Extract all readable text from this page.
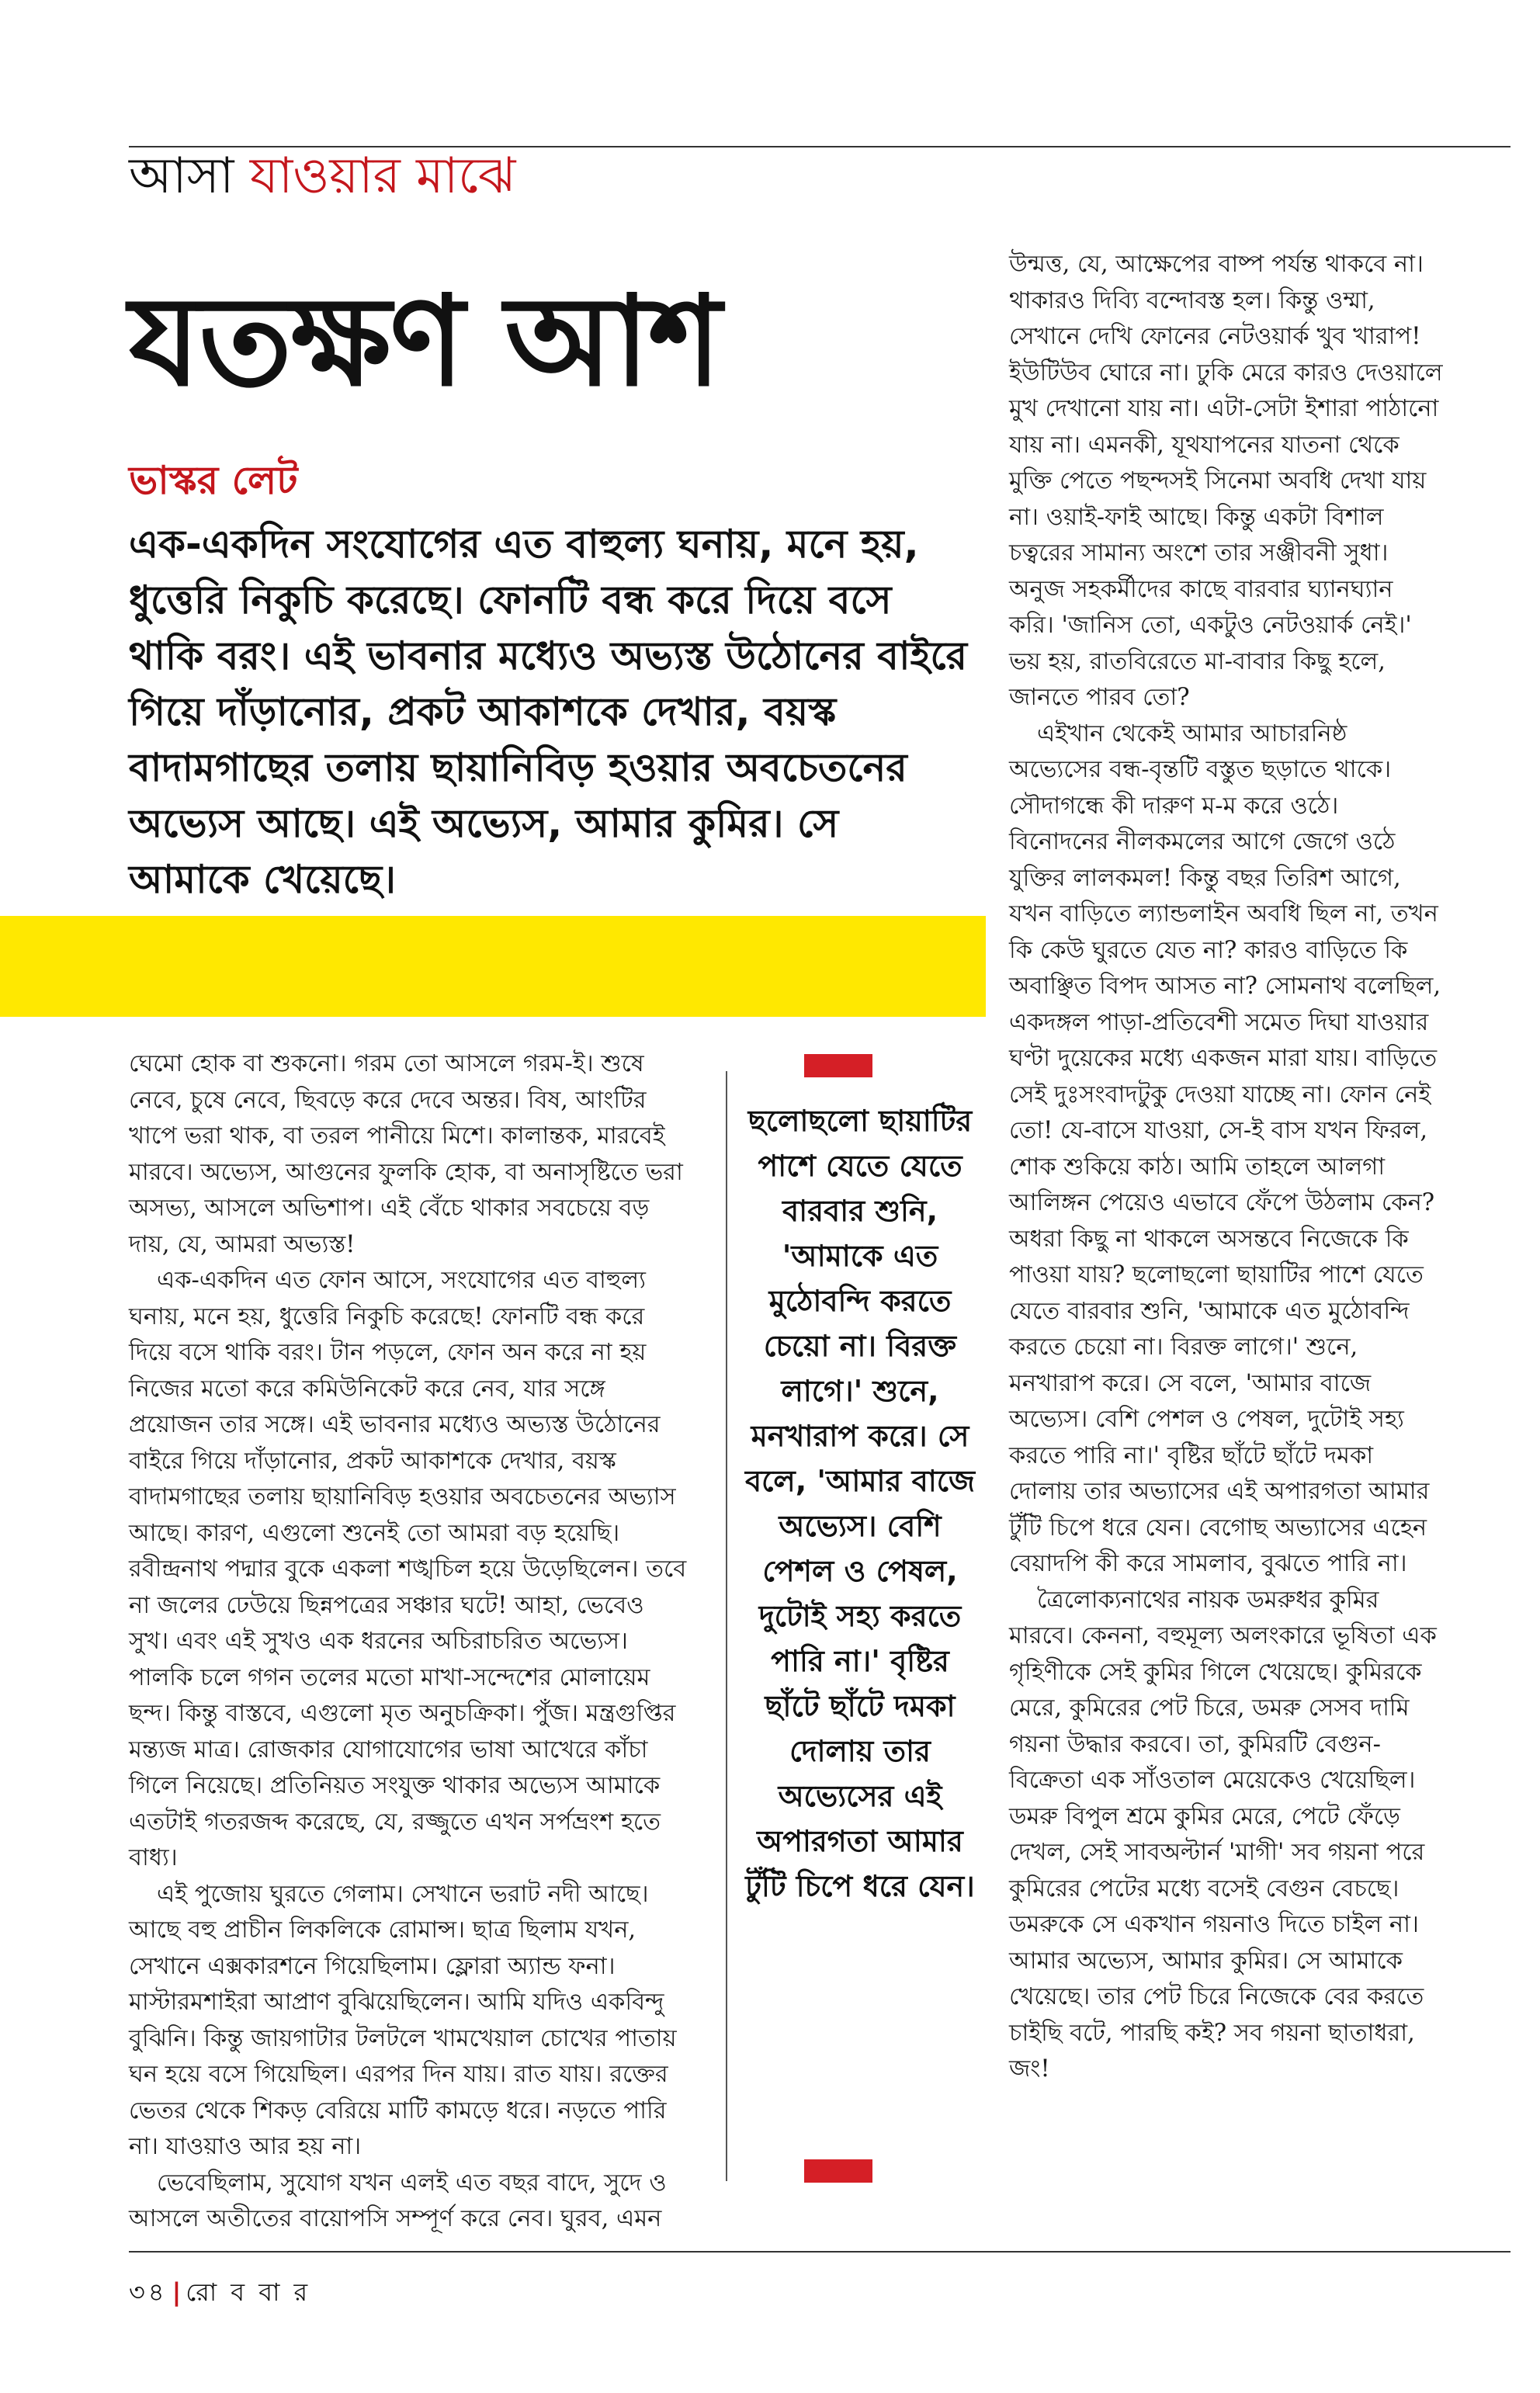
আসা যাওয়ার মাঝে
যতক্ষণ আশ
ভাস্কর লেট
এক-একদিন সংযোগের এত বাহুল্য ঘনায়, মনে হয়, ধুত্তেরি নিকুচি করেছে। ফোনটি বন্ধ করে দিয়ে বসে থাকি বরং। এই ভাবনার মধ্যেও অভ্যস্ত উঠোনের বাইরে গিয়ে দাঁড়ানোর, প্রকট আকাশকে দেখার, বয়স্ক বাদামগাছের তলায় ছায়ানিবিড় হওয়ার অবচেতনের অভ্যেস আছে। এই অভ্যেস, আমার কুমির। সে আমাকে খেয়েছে।

ঘেমো হোক বা শুকনো। গরম তো আসলে গরম-ই। শুষে নেবে, চুষে নেবে, ছিবড়ে করে দেবে অন্তর। বিষ, আংটির খাপে ভরা থাক, বা তরল পানীয়ে মিশে। কালান্তক, মারবেই মারবে। অভ্যেস, আগুনের ফুলকি হোক, বা অনাসৃষ্টিতে ভরা অসভ্য, আসলে অভিশাপ। এই বেঁচে থাকার সবচেয়ে বড় দায়, যে, আমরা অভ্যস্ত!

এক-একদিন এত ফোন আসে, সংযোগের এত বাহুল্য ঘনায়, মনে হয়, ধুত্তেরি নিকুচি করেছে! ফোনটি বন্ধ করে দিয়ে বসে থাকি বরং। টান পড়লে, ফোন অন করে না হয় নিজের মতো করে কমিউনিকেট করে নেব, যার সঙ্গে প্রয়োজন তার সঙ্গে। এই ভাবনার মধ্যেও অভ্যস্ত উঠোনের বাইরে গিয়ে দাঁড়ানোর, প্রকট আকাশকে দেখার, বয়স্ক বাদামগাছের তলায় ছায়ানিবিড় হওয়ার অবচেতনের অভ্যাস আছে। কারণ, এগুলো শুনেই তো আমরা বড় হয়েছি। রবীন্দ্রনাথ পদ্মার বুকে একলা শঙ্খচিল হয়ে উড়েছিলেন। তবে না জলের ঢেউয়ে ছিন্নপত্রের সঞ্চার ঘটে! আহা, ভেবেও সুখ। এবং এই সুখও এক ধরনের অচিরাচরিত অভ্যেস। পালকি চলে গগন তলের মতো মাখা-সন্দেশের মোলায়েম ছন্দ। কিন্তু বাস্তবে, এগুলো মৃত অনুচক্রিকা। পুঁজ। মন্ত্রগুপ্তির মন্ত্যজ মাত্র। রোজকার যোগাযোগের ভাষা আখেরে কাঁচা গিলে নিয়েছে। প্রতিনিয়ত সংযুক্ত থাকার অভ্যেস আমাকে এতটাই গতরজব্দ করেছে, যে, রজ্জুতে এখন সর্পভ্রংশ হতে বাধ্য।

এই পুজোয় ঘুরতে গেলাম। সেখানে ভরাট নদী আছে। আছে বহু প্রাচীন লিকলিকে রোমান্স। ছাত্র ছিলাম যখন, সেখানে এক্সকারশনে গিয়েছিলাম। ফ্লোরা অ্যান্ড ফনা। মাস্টারমশাইরা আপ্রাণ বুঝিয়েছিলেন। আমি যদিও একবিন্দু বুঝিনি। কিন্তু জায়গাটার টলটলে খামখেয়াল চোখের পাতায় ঘন হয়ে বসে গিয়েছিল। এরপর দিন যায়। রাত যায়। রক্তের ভেতর থেকে শিকড় বেরিয়ে মাটি কামড়ে ধরে। নড়তে পারি না। যাওয়াও আর হয় না।

ভেবেছিলাম, সুযোগ যখন এলই এত বছর বাদে, সুদে ও আসলে অতীতের বায়োপসি সম্পূর্ণ করে নেব। ঘুরব, এমন

ছলোছলো ছায়াটির পাশে যেতে যেতে বারবার শুনি, 'আমাকে এত মুঠোবন্দি করতে চেয়ো না। বিরক্ত লাগে।' শুনে, মনখারাপ করে। সে বলে, 'আমার বাজে অভ্যেস। বেশি পেশল ও পেষল, দুটোই সহ্য করতে পারি না।' বৃষ্টির ছাঁটে ছাঁটে দমকা দোলায় তার অভ্যেসের এই অপারগতা আমার টুঁটি চিপে ধরে যেন।

উন্মত্ত, যে, আক্ষেপের বাষ্প পর্যন্ত থাকবে না। থাকারও দিব্যি বন্দোবস্ত হল। কিন্তু ওম্মা, সেখানে দেখি ফোনের নেটওয়ার্ক খুব খারাপ! ইউটিউব ঘোরে না। ঢুকি মেরে কারও দেওয়ালে মুখ দেখানো যায় না। এটা-সেটা ইশারা পাঠানো যায় না। এমনকী, যূথযাপনের যাতনা থেকে মুক্তি পেতে পছন্দসই সিনেমা অবধি দেখা যায় না। ওয়াই-ফাই আছে। কিন্তু একটা বিশাল চত্বরের সামান্য অংশে তার সঞ্জীবনী সুধা। অনুজ সহকর্মীদের কাছে বারবার ঘ্যানঘ্যান করি। 'জানিস তো, একটুও নেটওয়ার্ক নেই।' ভয় হয়, রাতবিরেতে মা-বাবার কিছু হলে, জানতে পারব তো?

এইখান থেকেই আমার আচারনিষ্ঠ অভ্যেসের বন্ধ-বৃন্তটি বস্তুত ছড়াতে থাকে। সৌদাগন্ধে কী দারুণ ম-ম করে ওঠে। বিনোদনের নীলকমলের আগে জেগে ওঠে যুক্তির লালকমল! কিন্তু বছর তিরিশ আগে, যখন বাড়িতে ল্যান্ডলাইন অবধি ছিল না, তখন কি কেউ ঘুরতে যেত না? কারও বাড়িতে কি অবাঞ্ছিত বিপদ আসত না? সোমনাথ বলেছিল, একদঙ্গল পাড়া-প্রতিবেশী সমেত দিঘা যাওয়ার ঘণ্টা দুয়েকের মধ্যে একজন মারা যায়। বাড়িতে সেই দুঃসংবাদটুকু দেওয়া যাচ্ছে না। ফোন নেই তো! যে-বাসে যাওয়া, সে-ই বাস যখন ফিরল, শোক শুকিয়ে কাঠ। আমি তাহলে আলগা আলিঙ্গন পেয়েও এভাবে ফেঁপে উঠলাম কেন? অধরা কিছু না থাকলে অসন্তবে নিজেকে কি পাওয়া যায়? ছলোছলো ছায়াটির পাশে যেতে যেতে বারবার শুনি, 'আমাকে এত মুঠোবন্দি করতে চেয়ো না। বিরক্ত লাগে।' শুনে, মনখারাপ করে। সে বলে, 'আমার বাজে অভ্যেস। বেশি পেশল ও পেষল, দুটোই সহ্য করতে পারি না।' বৃষ্টির ছাঁটে ছাঁটে দমকা দোলায় তার অভ্যাসের এই অপারগতা আমার টুঁটি চিপে ধরে যেন। বেগোছ অভ্যাসের এহেন বেয়াদপি কী করে সামলাব, বুঝতে পারি না।

ত্রৈলোক্যনাথের নায়ক ডমরুধর কুমির মারবে। কেননা, বহুমূল্য অলংকারে ভূষিতা এক গৃহিণীকে সেই কুমির গিলে খেয়েছে। কুমিরকে মেরে, কুমিরের পেট চিরে, ডমরু সেসব দামি গয়না উদ্ধার করবে। তা, কুমিরটি বেগুন-বিক্রেতা এক সাঁওতাল মেয়েকেও খেয়েছিল। ডমরু বিপুল শ্রমে কুমির মেরে, পেটে ফেঁড়ে দেখল, সেই সাবঅল্টার্ন 'মাগী' সব গয়না পরে কুমিরের পেটের মধ্যে বসেই বেগুন বেচছে। ডমরুকে সে একখান গয়নাও দিতে চাইল না। আমার অভ্যেস, আমার কুমির। সে আমাকে খেয়েছে। তার পেট চিরে নিজেকে বের করতে চাইছি বটে, পারছি কই? সব গয়না ছাতাধরা, জং!

৩৪ | রো ব বা র
